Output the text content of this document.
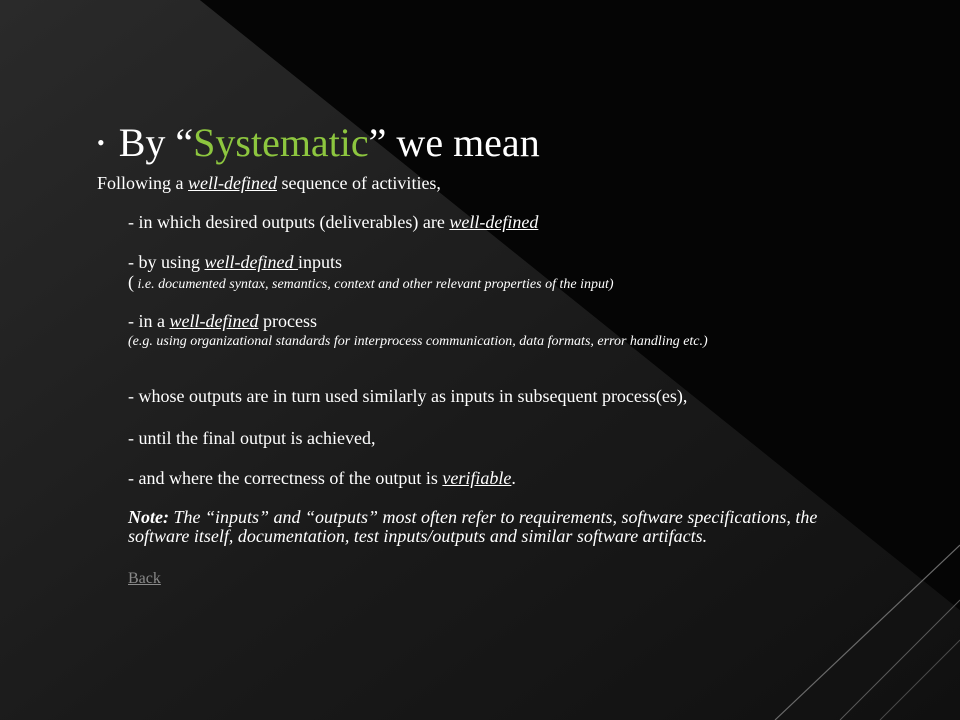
• By “Systematic” we mean
Following a well-defined sequence of activities,
- in which desired outputs (deliverables) are well-defined
- by using well-defined inputs
( i.e. documented syntax, semantics, context and other relevant properties of the input)
- in a well-defined process
(e.g. using organizational standards for interprocess communication, data formats, error handling etc.)
- whose outputs are in turn used similarly as inputs in subsequent process(es),
- until the final output is achieved,
- and where the correctness of the output is verifiable.
Note: The “inputs” and “outputs” most often refer to requirements, software specifications, the software itself, documentation, test inputs/outputs and similar software artifacts.
Back
